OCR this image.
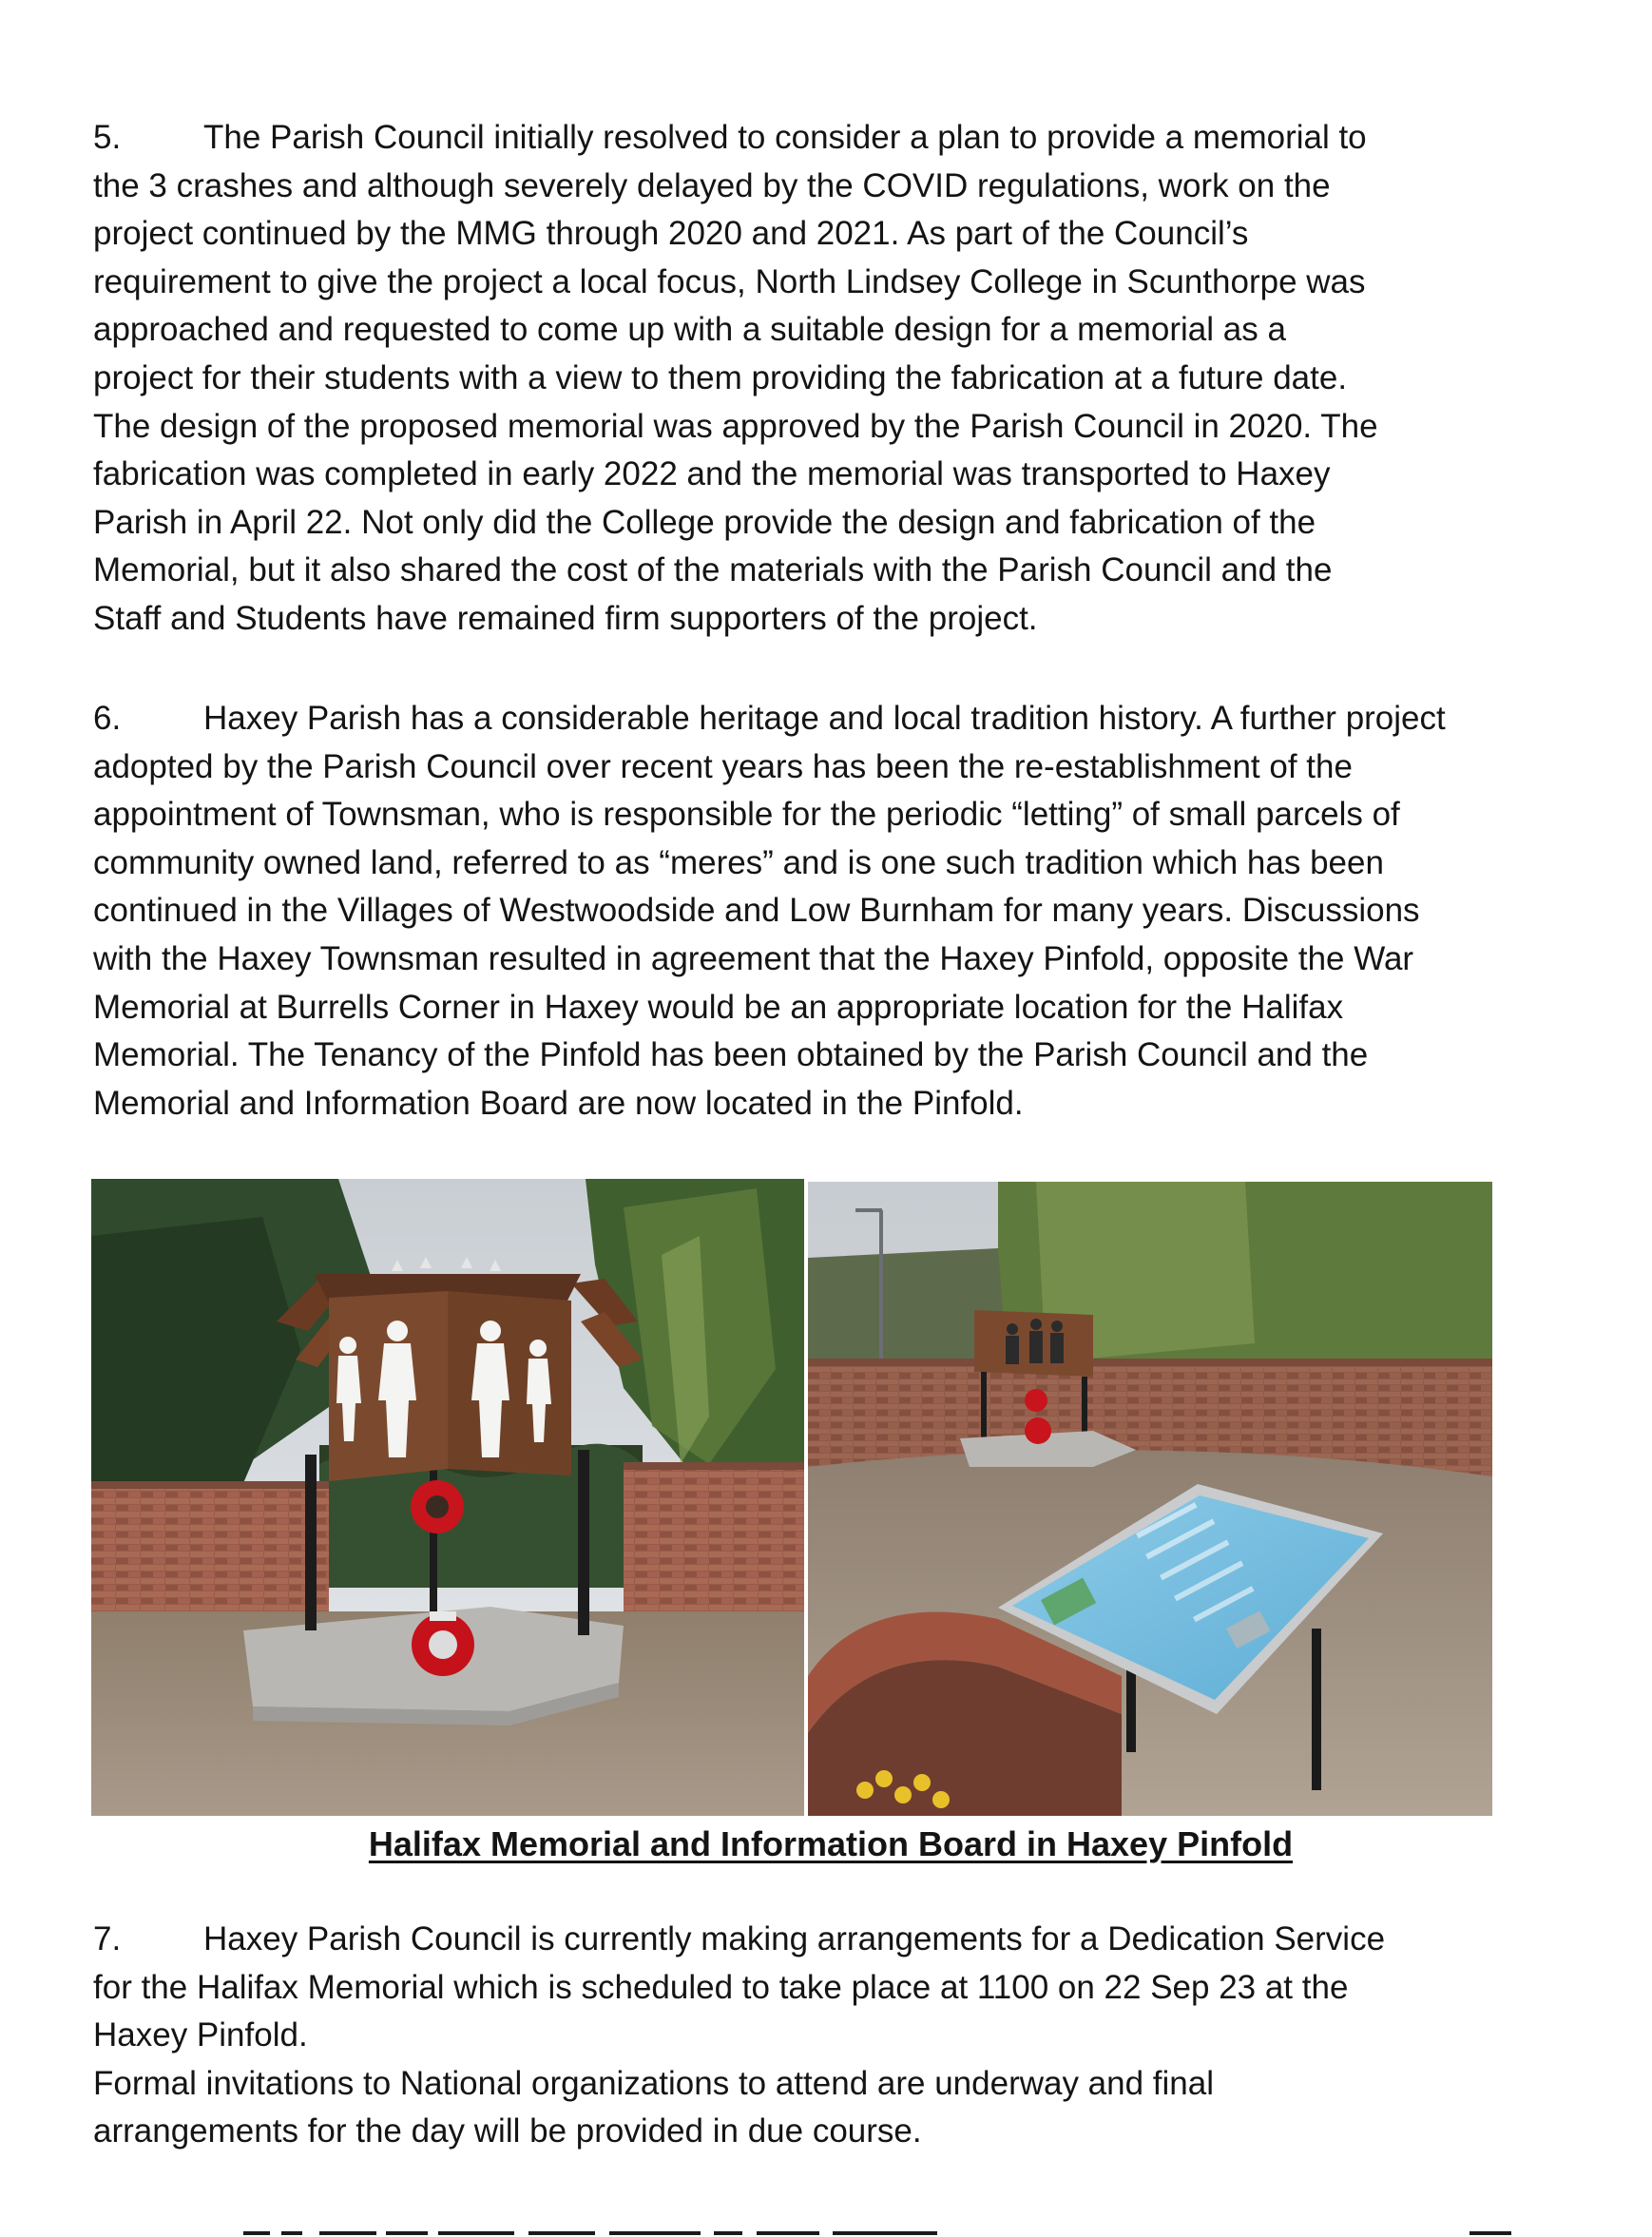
5. The Parish Council initially resolved to consider a plan to provide a memorial to
the 3 crashes and although severely delayed by the COVID regulations, work on the
project continued by the MMG through 2020 and 2021. As part of the Council’s
requirement to give the project a local focus, North Lindsey College in Scunthorpe was
approached and requested to come up with a suitable design for a memorial as a
project for their students with a view to them providing the fabrication at a future date.
The design of the proposed memorial was approved by the Parish Council in 2020. The
fabrication was completed in early 2022 and the memorial was transported to Haxey
Parish in April 22. Not only did the College provide the design and fabrication of the
Memorial, but it also shared the cost of the materials with the Parish Council and the
Staff and Students have remained firm supporters of the project.
6. Haxey Parish has a considerable heritage and local tradition history. A further project
adopted by the Parish Council over recent years has been the re-establishment of the
appointment of Townsman, who is responsible for the periodic “letting” of small parcels of
community owned land, referred to as “meres” and is one such tradition which has been
continued in the Villages of Westwoodside and Low Burnham for many years. Discussions
with the Haxey Townsman resulted in agreement that the Haxey Pinfold, opposite the War
Memorial at Burrells Corner in Haxey would be an appropriate location for the Halifax
Memorial. The Tenancy of the Pinfold has been obtained by the Parish Council and the
Memorial and Information Board are now located in the Pinfold.
Halifax Memorial and Information Board in Haxey Pinfold
7. Haxey Parish Council is currently making arrangements for a Dedication Service
for the Halifax Memorial which is scheduled to take place at 1100 on 22 Sep 23 at the
Haxey Pinfold.
Formal invitations to National organizations to attend are underway and final
arrangements for the day will be provided in due course.
